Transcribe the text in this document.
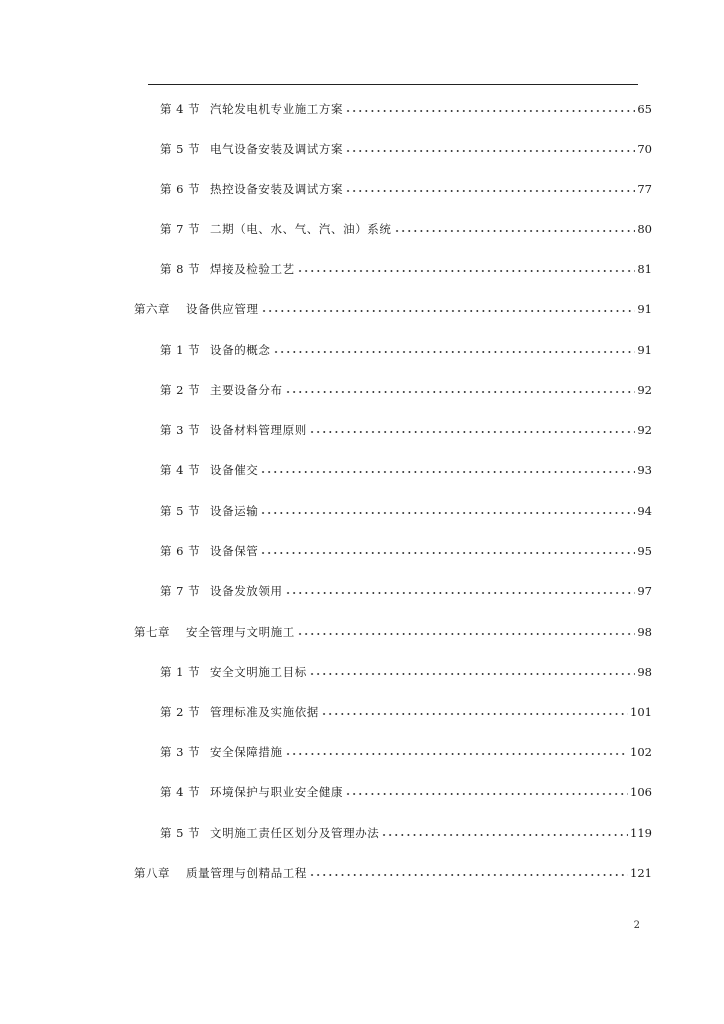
第 4 节 汽轮发电机专业施工方案	65
第 5 节 电气设备安装及调试方案	70
第 6 节 热控设备安装及调试方案	77
第 7 节 二期（电、水、气、汽、油）系统	80
第 8 节 焊接及检验工艺	81
第六章	设备供应管理	91
第 1 节 设备的概念	91
第 2 节 主要设备分布	92
第 3 节 设备材料管理原则	92
第 4 节 设备催交	93
第 5 节 设备运输	94
第 6 节 设备保管	95
第 7 节 设备发放领用	97
第七章	安全管理与文明施工	98
第 1 节 安全文明施工目标	98
第 2 节 管理标准及实施依据	101
第 3 节 安全保障措施	102
第 4 节 环境保护与职业安全健康	106
第 5 节 文明施工责任区划分及管理办法	119
第八章	质量管理与创精品工程	121
2
